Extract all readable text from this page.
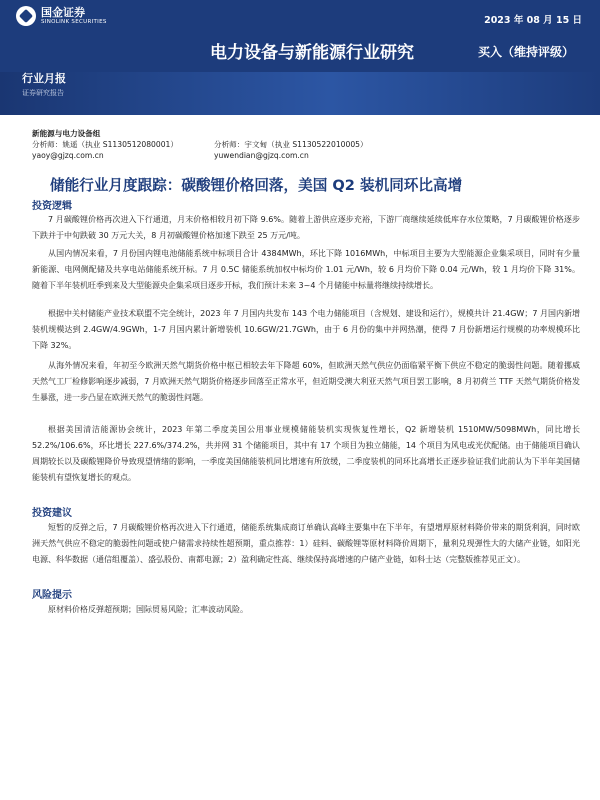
国金证券
SINOLINK SECURITIES	2023 年 08 月 15 日
电力设备与新能源行业研究	买入（维持评级）
行业月报
证券研究报告
新能源与电力设备组
分析师：姚遥（执业 S1130512080001）	分析师：宇文甸（执业 S1130522010005）
yaoy@gjzq.com.cn	yuwendian@gjzq.com.cn
储能行业月度跟踪：碳酸锂价格回落，美国 Q2 装机同环比高增
投资逻辑
7 月碳酸锂价格再次进入下行通道，月末价格相较月初下降 9.6%。随着上游供应逐步充裕，下游厂商继续延续低库存水位策略，7 月碳酸锂价格逐步下跌并于中旬跌破 30 万元大关，8 月初碳酸锂价格加速下跌至 25 万元/吨。
从国内情况来看，7 月份国内锂电池储能系统中标项目合计 4384MWh，环比下降 1016MWh，中标项目主要为大型能源企业集采项目，同时有少量新能源、电网侧配储及共享电站储能系统开标。7 月 0.5C 储能系统加权中标均价 1.01 元/Wh，较 6 月均价下降 0.04 元/Wh，较 1 月均价下降 31%。随着下半年装机旺季到来及大型能源央企集采项目逐步开标，我们预计未来 3~4 个月储能中标量将继续持续增长。
根据中关村储能产业技术联盟不完全统计，2023 年 7 月国内共发布 143 个电力储能项目（含规划、建设和运行），规模共计 21.4GW；7 月国内新增装机规模达到 2.4GW/4.9GWh，1-7 月国内累计新增装机 10.6GW/21.7GWh，由于 6 月份的集中并网热潮，使得 7 月份新增运行规模的功率规模环比下降 32%。
从海外情况来看，年初至今欧洲天然气期货价格中枢已相较去年下降超 60%，但欧洲天然气供应仍面临紧平衡下供应不稳定的脆弱性问题。随着挪威天然气工厂检修影响逐步减弱，7 月欧洲天然气期货价格逐步回落至正常水平，但近期受澳大利亚天然气项目罢工影响，8 月初荷兰 TTF 天然气期货价格发生暴涨，进一步凸显在欧洲天然气的脆弱性问题。
根据美国清洁能源协会统计，2023 年第二季度美国公用事业规模储能装机实现恢复性增长，Q2 新增装机 1510MW/5098MWh，同比增长 52.2%/106.6%，环比增长 227.6%/374.2%，共并网 31 个储能项目，其中有 17 个项目为独立储能，14 个项目为风电或光伏配储。由于储能项目确认周期较长以及碳酸锂降价导致现望情绪的影响，一季度美国储能装机同比增速有所放缓，二季度装机的同环比高增长正逐步验证我们此前认为下半年美国储能装机有望恢复增长的观点。
投资建议
短暂的反弹之后，7 月碳酸锂价格再次进入下行通道，储能系统集成商订单确认高峰主要集中在下半年，有望增厚原材料降价带来的期货利润，同时欧洲天然气供应不稳定的脆弱性问题或使户储需求持续性超预期，重点推荐：1）硅料、碳酸锂等原材料降价周期下，量利兑现弹性大的大储产业链，如阳光电源、科华数据（通信组覆盖）、盛弘股份、南都电源；2）盈利确定性高、继续保持高增速的户储产业链，如科士达（完整版推荐见正文）。
风险提示
原材料价格反弹超预期；国际贸易风险；汇率波动风险。
